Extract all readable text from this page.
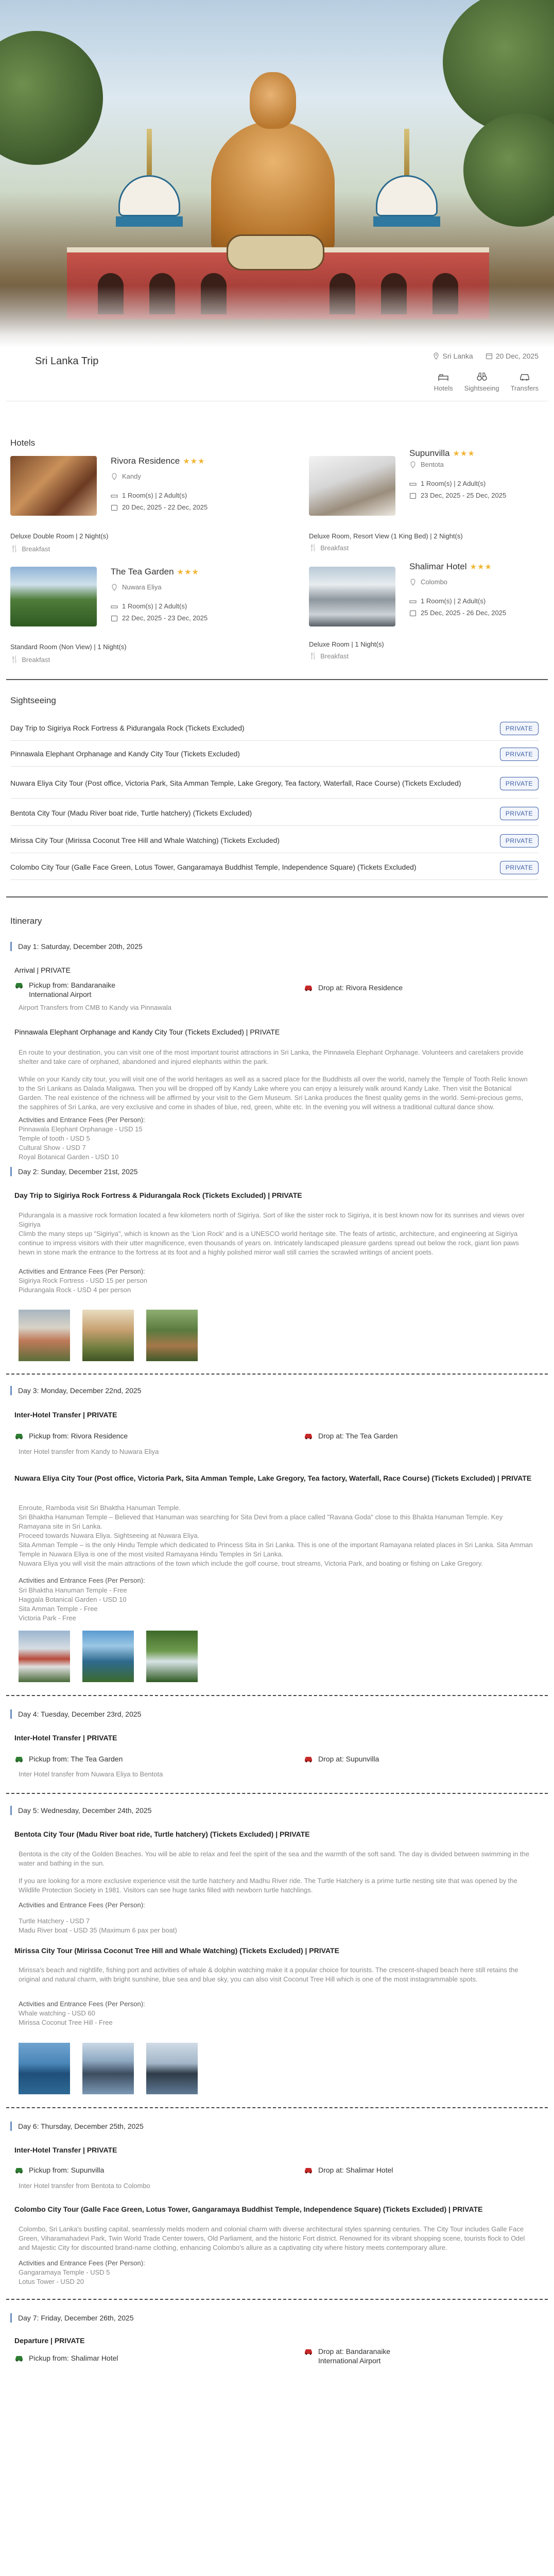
Sri Lanka Trip	Sri Lanka	20 Dec, 2025
Hotels Sightseeing Transfers
Hotels
Rivora Residence ★★★
Kandy
1 Room(s) | 2 Adult(s)
20 Dec, 2025 - 22 Dec, 2025
Deluxe Double Room | 2 Night(s)
🍴 Breakfast
Supunvilla ★★★
Bentota
1 Room(s) | 2 Adult(s)
23 Dec, 2025 - 25 Dec, 2025
Deluxe Room, Resort View (1 King Bed) | 2 Night(s)
🍴 Breakfast
The Tea Garden ★★★
Nuwara Eliya
1 Room(s) | 2 Adult(s)
22 Dec, 2025 - 23 Dec, 2025
Standard Room (Non View) | 1 Night(s)
🍴 Breakfast
Shalimar Hotel ★★★
Colombo
1 Room(s) | 2 Adult(s)
25 Dec, 2025 - 26 Dec, 2025
Deluxe Room | 1 Night(s)
🍴 Breakfast
Sightseeing
Day Trip to Sigiriya Rock Fortress & Pidurangala Rock (Tickets Excluded)	PRIVATE
Pinnawala Elephant Orphanage and Kandy City Tour (Tickets Excluded)	PRIVATE
Nuwara Eliya City Tour (Post office, Victoria Park, Sita Amman Temple, Lake Gregory, Tea factory, Waterfall, Race Course) (Tickets Excluded)	PRIVATE
Bentota City Tour (Madu River boat ride, Turtle hatchery) (Tickets Excluded)	PRIVATE
Mirissa City Tour (Mirissa Coconut Tree Hill and Whale Watching) (Tickets Excluded)	PRIVATE
Colombo City Tour (Galle Face Green, Lotus Tower, Gangaramaya Buddhist Temple, Independence Square) (Tickets Excluded)	PRIVATE
Itinerary
Day 1: Saturday, December 20th, 2025
Arrival | PRIVATE
Pickup from: Bandaranaike International Airport
Drop at: Rivora Residence
Airport Transfers from CMB to Kandy via Pinnawala
Pinnawala Elephant Orphanage and Kandy City Tour (Tickets Excluded) | PRIVATE
En route to your destination, you can visit one of the most important tourist attractions in Sri Lanka, the Pinnawela Elephant Orphanage. Volunteers and caretakers provide shelter and take care of orphaned, abandoned and injured elephants within the park.
While on your Kandy city tour, you will visit one of the world heritages as well as a sacred place for the Buddhists all over the world, namely the Temple of Tooth Relic known to the Sri Lankans as Dalada Maligawa. Then you will be dropped off by Kandy Lake where you can enjoy a leisurely walk around Kandy Lake. Then visit the Botanical Garden. The real existence of the richness will be affirmed by your visit to the Gem Museum. Sri Lanka produces the finest quality gems in the world. Semi-precious gems, the sapphires of Sri Lanka, are very exclusive and come in shades of blue, red, green, white etc. In the evening you will witness a traditional cultural dance show.
Activities and Entrance Fees (Per Person):
Pinnawala Elephant Orphanage - USD 15
Temple of tooth - USD 5
Cultural Show - USD 7
Royal Botanical Garden - USD 10
Day 2: Sunday, December 21st, 2025
Day Trip to Sigiriya Rock Fortress & Pidurangala Rock (Tickets Excluded) | PRIVATE
Pidurangala is a massive rock formation located a few kilometers north of Sigiriya. Sort of like the sister rock to Sigiriya, it is best known now for its sunrises and views over Sigiriya
Climb the many steps up "Sigiriya", which is known as the 'Lion Rock' and is a UNESCO world heritage site. The feats of artistic, architecture, and engineering at Sigiriya continue to impress visitors with their utter magnificence, even thousands of years on. Intricately landscaped pleasure gardens spread out below the rock, giant lion paws hewn in stone mark the entrance to the fortress at its foot and a highly polished mirror wall still carries the scrawled writings of ancient poets.
Activities and Entrance Fees (Per Person):
Sigiriya Rock Fortress - USD 15 per person
Pidurangala Rock - USD 4 per person
Day 3: Monday, December 22nd, 2025
Inter-Hotel Transfer | PRIVATE
Pickup from: Rivora Residence	Drop at: The Tea Garden
Inter Hotel transfer from Kandy to Nuwara Eliya
Nuwara Eliya City Tour (Post office, Victoria Park, Sita Amman Temple, Lake Gregory, Tea factory, Waterfall, Race Course) (Tickets Excluded) | PRIVATE
Enroute, Ramboda visit Sri Bhaktha Hanuman Temple.
Sri Bhaktha Hanuman Temple – Believed that Hanuman was searching for Sita Devi from a place called "Ravana Goda" close to this Bhakta Hanuman Temple. Key Ramayana site in Sri Lanka.
Proceed towards Nuwara Eliya. Sightseeing at Nuwara Eliya.
Sita Amman Temple – is the only Hindu Temple which dedicated to Princess Sita in Sri Lanka. This is one of the important Ramayana related places in Sri Lanka. Sita Amman Temple in Nuwara Eliya is one of the most visited Ramayana Hindu Temples in Sri Lanka.
Nuwara Eliya you will visit the main attractions of the town which include the golf course, trout streams, Victoria Park, and boating or fishing on Lake Gregory.
Activities and Entrance Fees (Per Person):
Sri Bhaktha Hanuman Temple - Free
Haggala Botanical Garden - USD 10
Sita Amman Temple - Free
Victoria Park - Free
Day 4: Tuesday, December 23rd, 2025
Inter-Hotel Transfer | PRIVATE
Pickup from: The Tea Garden	Drop at: Supunvilla
Inter Hotel transfer from Nuwara Eliya to Bentota
Day 5: Wednesday, December 24th, 2025
Bentota City Tour (Madu River boat ride, Turtle hatchery) (Tickets Excluded) | PRIVATE
Bentota is the city of the Golden Beaches. You will be able to relax and feel the spirit of the sea and the warmth of the soft sand. The day is divided between swimming in the water and bathing in the sun.
If you are looking for a more exclusive experience visit the turtle hatchery and Madhu River ride. The Turtle Hatchery is a prime turtle nesting site that was opened by the Wildlife Protection Society in 1981. Visitors can see huge tanks filled with newborn turtle hatchlings.
Activities and Entrance Fees (Per Person):
Turtle Hatchery - USD 7
Madu River boat - USD 35 (Maximum 6 pax per boat)
Mirissa City Tour (Mirissa Coconut Tree Hill and Whale Watching) (Tickets Excluded) | PRIVATE
Mirissa's beach and nightlife, fishing port and activities of whale & dolphin watching make it a popular choice for tourists. The crescent-shaped beach here still retains the original and natural charm, with bright sunshine, blue sea and blue sky, you can also visit Coconut Tree Hill which is one of the most instagrammable spots.
Activities and Entrance Fees (Per Person):
Whale watching - USD 60
Mirissa Coconut Tree Hill - Free
Day 6: Thursday, December 25th, 2025
Inter-Hotel Transfer | PRIVATE
Pickup from: Supunvilla	Drop at: Shalimar Hotel
Inter Hotel transfer from Bentota to Colombo
Colombo City Tour (Galle Face Green, Lotus Tower, Gangaramaya Buddhist Temple, Independence Square) (Tickets Excluded) | PRIVATE
Colombo, Sri Lanka's bustling capital, seamlessly melds modern and colonial charm with diverse architectural styles spanning centuries. The City Tour includes Galle Face Green, Viharamahadevi Park, Twin World Trade Center towers, Old Parliament, and the historic Fort district. Renowned for its vibrant shopping scene, tourists flock to Odel and Majestic City for discounted brand-name clothing, enhancing Colombo's allure as a captivating city where history meets contemporary allure.
Activities and Entrance Fees (Per Person):
Gangaramaya Temple - USD 5
Lotus Tower - USD 20
Day 7: Friday, December 26th, 2025
Departure | PRIVATE
Pickup from: Shalimar Hotel
Drop at: Bandaranaike International Airport
